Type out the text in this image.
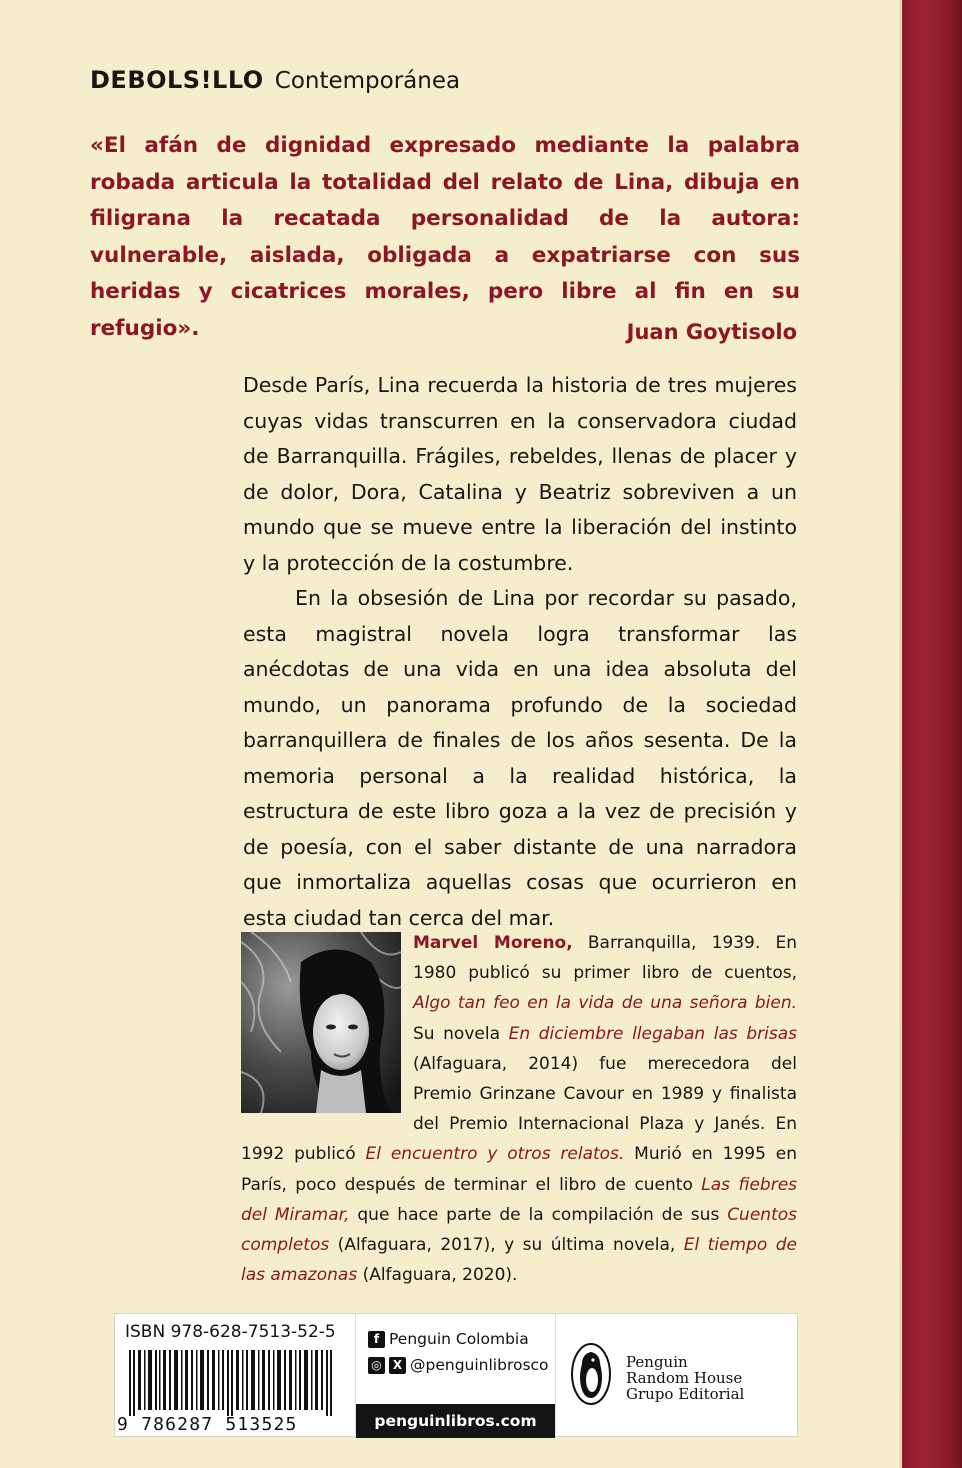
DEBOLS!LLO Contemporánea
«El afán de dignidad expresado mediante la palabra robada articula la totalidad del relato de Lina, dibuja en filigrana la recatada personalidad de la autora: vulnerable, aislada, obligada a expatriarse con sus heridas y cicatrices morales, pero libre al fin en su refugio».	Juan Goytisolo

Desde París, Lina recuerda la historia de tres mujeres cuyas vidas transcurren en la conservadora ciudad de Barranquilla. Frágiles, rebeldes, llenas de placer y de dolor, Dora, Catalina y Beatriz sobreviven a un mundo que se mueve entre la liberación del instinto y la protección de la costumbre.

En la obsesión de Lina por recordar su pasado, esta magistral novela logra transformar las anécdotas de una vida en una idea absoluta del mundo, un panorama profundo de la sociedad barranquillera de finales de los años sesenta. De la memoria personal a la realidad histórica, la estructura de este libro goza a la vez de precisión y de poesía, con el saber distante de una narradora que inmortaliza aquellas cosas que ocurrieron en esta ciudad tan cerca del mar.

Marvel Moreno, Barranquilla, 1939. En 1980 publicó su primer libro de cuentos, Algo tan feo en la vida de una señora bien. Su novela En diciembre llegaban las brisas (Alfaguara, 2014) fue merecedora del Premio Grinzane Cavour en 1989 y finalista del Premio Internacional Plaza y Janés. En 1992 publicó El encuentro y otros relatos. Murió en 1995 en París, poco después de terminar el libro de cuento Las fiebres del Miramar, que hace parte de la compilación de sus Cuentos completos (Alfaguara, 2017), y su última novela, El tiempo de las amazonas (Alfaguara, 2020).
ISBN 978-628-7513-52-5
9 786287 513525
f Penguin Colombia
◎ X @penguinlibrosco
penguinlibros.com
Penguin
Random House
Grupo Editorial
